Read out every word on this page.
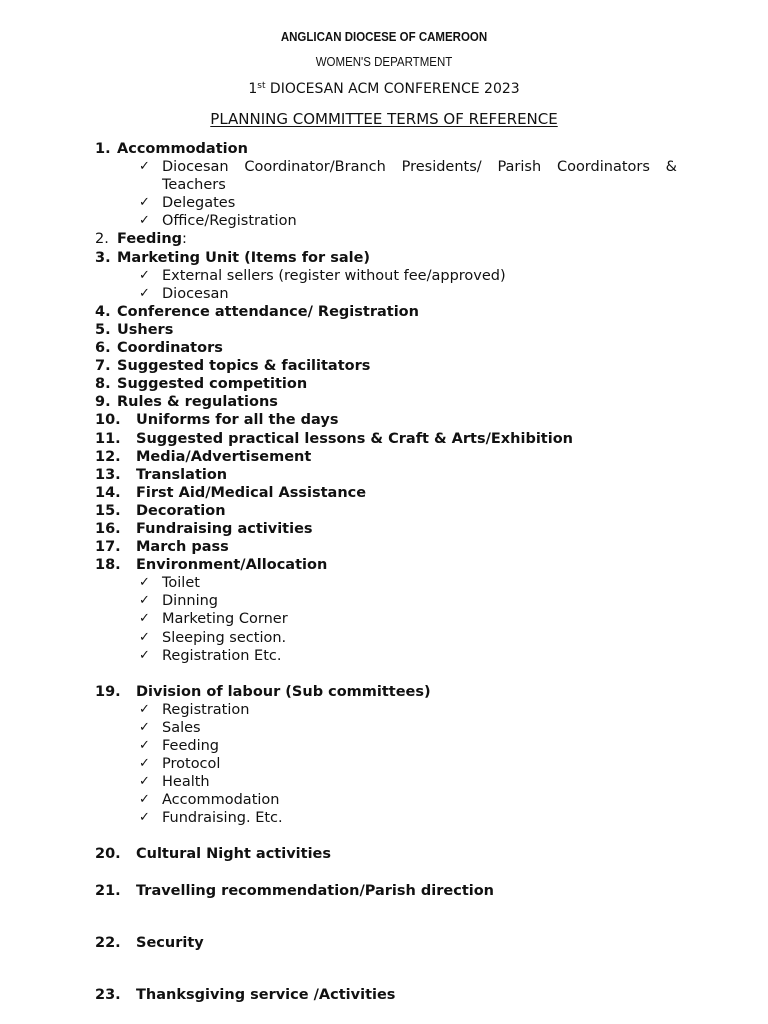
ANGLICAN DIOCESE OF CAMEROON
WOMEN'S DEPARTMENT
1st DIOCESAN ACM CONFERENCE 2023
PLANNING COMMITTEE TERMS OF REFERENCE
1. Accommodation
✓ Diocesan Coordinator/Branch Presidents/ Parish Coordinators & Teachers
✓ Delegates
✓ Office/Registration
2. Feeding:
3. Marketing Unit (Items for sale)
✓ External sellers (register without fee/approved)
✓ Diocesan
4. Conference attendance/ Registration
5. Ushers
6. Coordinators
7. Suggested topics & facilitators
8. Suggested competition
9. Rules & regulations
10. Uniforms for all the days
11. Suggested practical lessons & Craft & Arts/Exhibition
12. Media/Advertisement
13. Translation
14. First Aid/Medical Assistance
15. Decoration
16. Fundraising activities
17. March pass
18. Environment/Allocation
✓ Toilet
✓ Dinning
✓ Marketing Corner
✓ Sleeping section.
✓ Registration Etc.
19. Division of labour (Sub committees)
✓ Registration
✓ Sales
✓ Feeding
✓ Protocol
✓ Health
✓ Accommodation
✓ Fundraising. Etc.
20. Cultural Night activities
21. Travelling recommendation/Parish direction
22. Security
23. Thanksgiving service /Activities
